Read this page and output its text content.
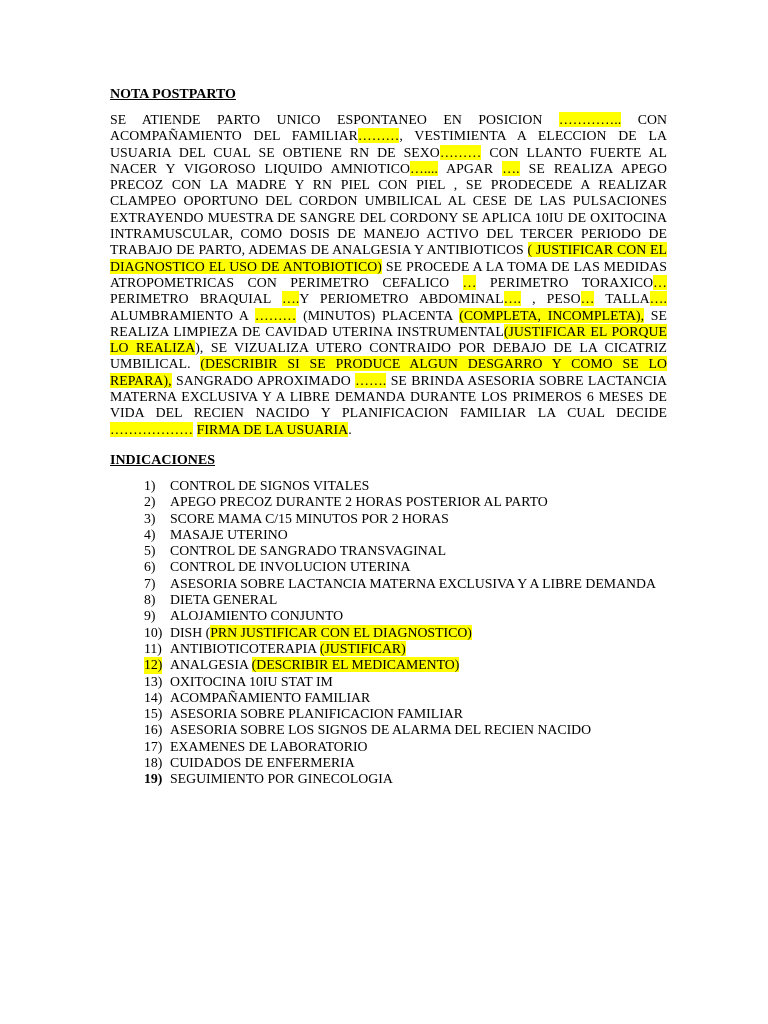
NOTA POSTPARTO

SE ATIENDE PARTO UNICO ESPONTANEO EN POSICION ………….. CON ACOMPAÑAMIENTO DEL FAMILIAR………, VESTIMIENTA A ELECCION DE LA USUARIA DEL CUAL SE OBTIENE RN DE SEXO……… CON LLANTO FUERTE AL NACER Y VIGOROSO LIQUIDO AMNIOTICO….... APGAR …. SE REALIZA APEGO PRECOZ CON LA MADRE Y RN PIEL CON PIEL , SE PRODECEDE A REALIZAR CLAMPEO OPORTUNO DEL CORDON UMBILICAL AL CESE DE LAS PULSACIONES EXTRAYENDO MUESTRA DE SANGRE DEL CORDONY SE APLICA 10IU DE OXITOCINA INTRAMUSCULAR, COMO DOSIS DE MANEJO ACTIVO DEL TERCER PERIODO DE TRABAJO DE PARTO, ADEMAS DE ANALGESIA Y ANTIBIOTICOS ( JUSTIFICAR CON EL DIAGNOSTICO EL USO DE ANTOBIOTICO) SE PROCEDE A LA TOMA DE LAS MEDIDAS ATROPOMETRICAS CON PERIMETRO CEFALICO … PERIMETRO TORAXICO… PERIMETRO BRAQUIAL ….Y PERIOMETRO ABDOMINAL…. , PESO… TALLA…. ALUMBRAMIENTO A ……… (MINUTOS) PLACENTA (COMPLETA, INCOMPLETA), SE REALIZA LIMPIEZA DE CAVIDAD UTERINA INSTRUMENTAL(JUSTIFICAR EL PORQUE LO REALIZA), SE VIZUALIZA UTERO CONTRAIDO POR DEBAJO DE LA CICATRIZ UMBILICAL. (DESCRIBIR SI SE PRODUCE ALGUN DESGARRO Y COMO SE LO REPARA), SANGRADO APROXIMADO ……. SE BRINDA ASESORIA SOBRE LACTANCIA MATERNA EXCLUSIVA Y A LIBRE DEMANDA DURANTE LOS PRIMEROS 6 MESES DE VIDA DEL RECIEN NACIDO Y PLANIFICACION FAMILIAR LA CUAL DECIDE ……………… FIRMA DE LA USUARIA.

INDICACIONES
1) CONTROL DE SIGNOS VITALES
2) APEGO PRECOZ DURANTE 2 HORAS POSTERIOR AL PARTO
3) SCORE MAMA C/15 MINUTOS POR 2 HORAS
4) MASAJE UTERINO
5) CONTROL DE SANGRADO TRANSVAGINAL
6) CONTROL DE INVOLUCION UTERINA
7) ASESORIA SOBRE LACTANCIA MATERNA EXCLUSIVA Y A LIBRE DEMANDA
8) DIETA GENERAL
9) ALOJAMIENTO CONJUNTO
10) DISH (PRN JUSTIFICAR CON EL DIAGNOSTICO)
11) ANTIBIOTICOTERAPIA (JUSTIFICAR)
12) ANALGESIA (DESCRIBIR EL MEDICAMENTO)
13) OXITOCINA 10IU STAT IM
14) ACOMPAÑAMIENTO FAMILIAR
15) ASESORIA SOBRE PLANIFICACION FAMILIAR
16) ASESORIA SOBRE LOS SIGNOS DE ALARMA DEL RECIEN NACIDO
17) EXAMENES DE LABORATORIO
18) CUIDADOS DE ENFERMERIA
19) SEGUIMIENTO POR GINECOLOGIA
